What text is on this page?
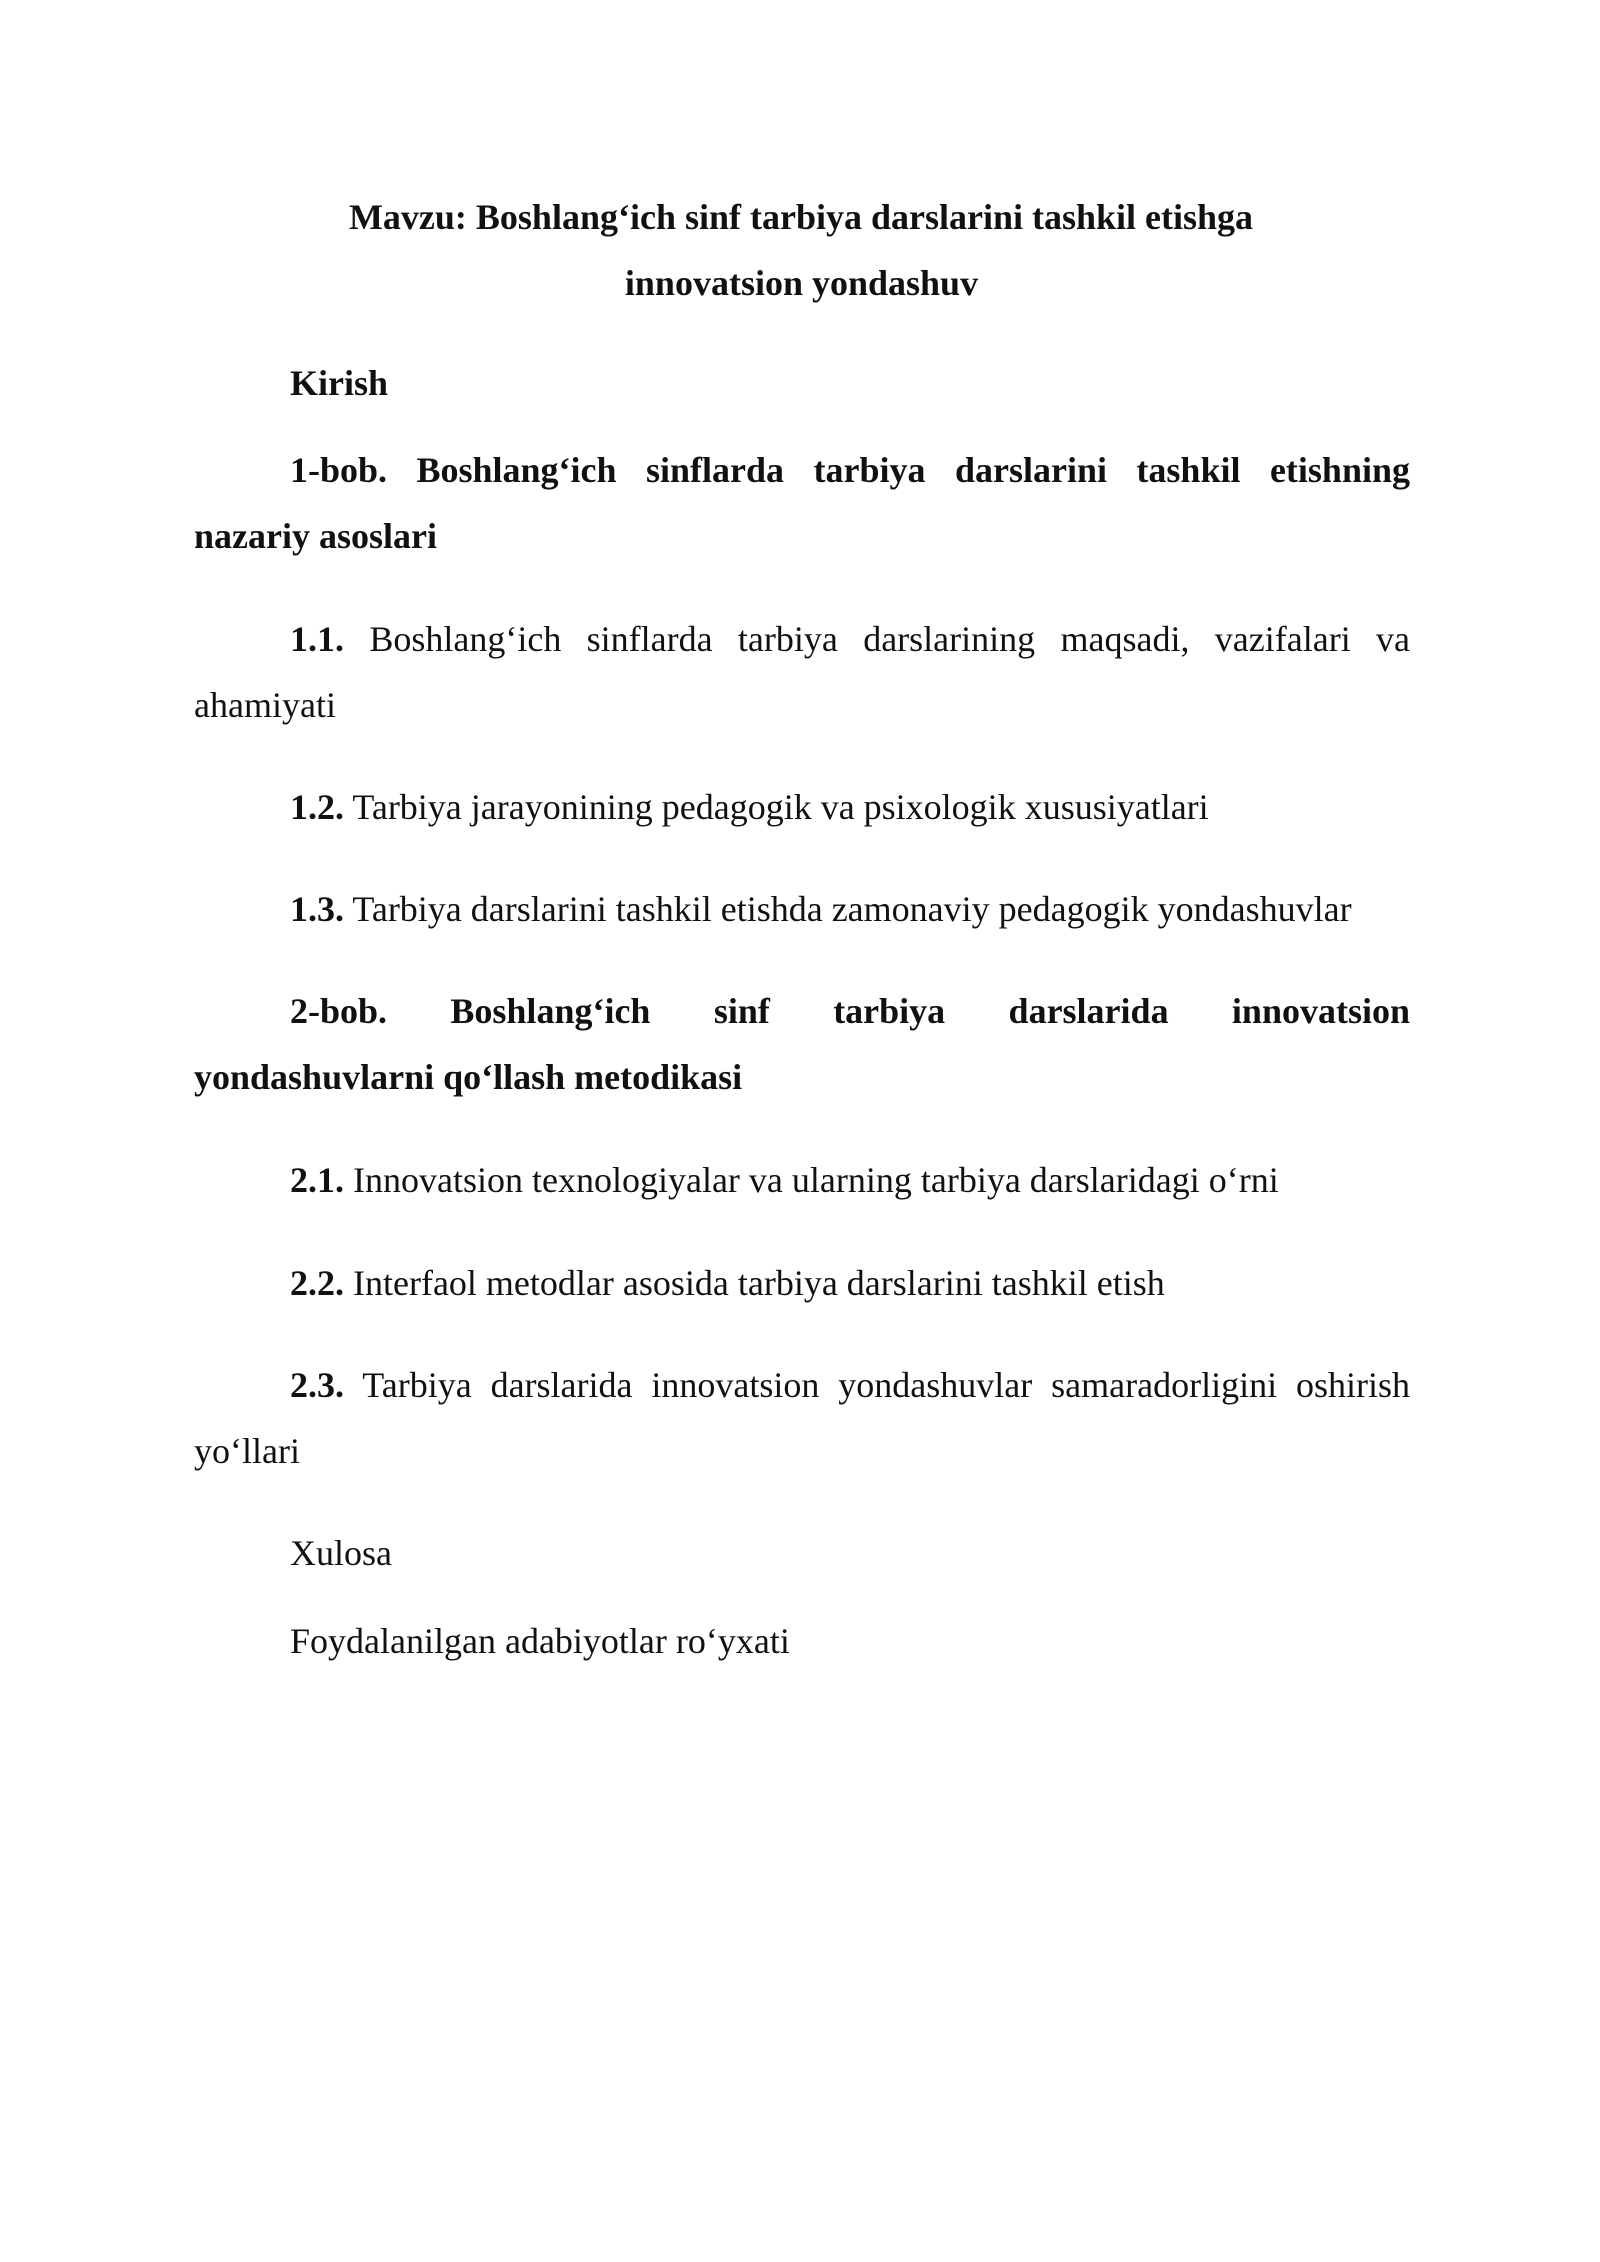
Mavzu: Boshlang‘ich sinf tarbiya darslarini tashkil etishga
innovatsion yondashuv

Kirish

1-bob. Boshlang‘ich sinflarda tarbiya darslarini tashkil etishning
nazariy asoslari

1.1. Boshlang‘ich sinflarda tarbiya darslarining maqsadi, vazifalari va
ahamiyati

1.2. Tarbiya jarayonining pedagogik va psixologik xususiyatlari

1.3. Tarbiya darslarini tashkil etishda zamonaviy pedagogik yondashuvlar

2-bob. Boshlang‘ich sinf tarbiya darslarida innovatsion
yondashuvlarni qo‘llash metodikasi

2.1. Innovatsion texnologiyalar va ularning tarbiya darslaridagi o‘rni

2.2. Interfaol metodlar asosida tarbiya darslarini tashkil etish

2.3. Tarbiya darslarida innovatsion yondashuvlar samaradorligini oshirish
yo‘llari

Xulosa

Foydalanilgan adabiyotlar ro‘yxati
